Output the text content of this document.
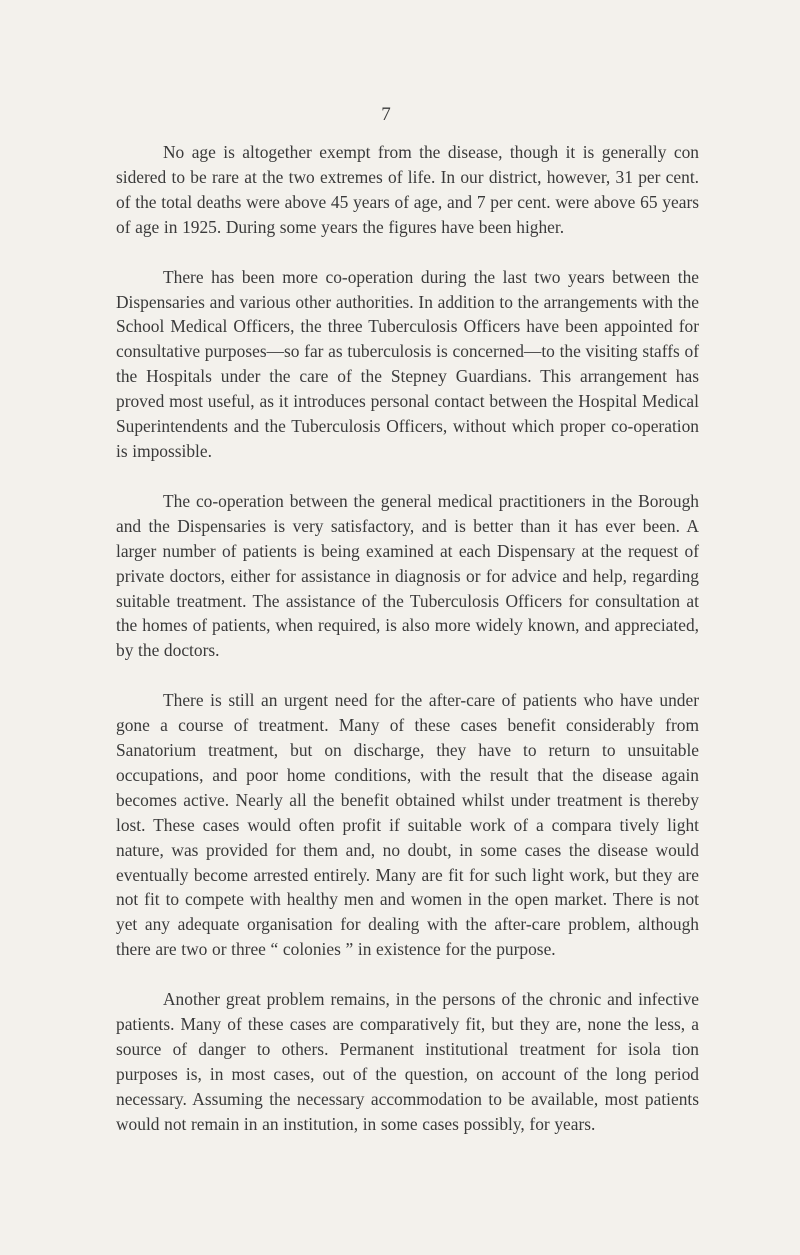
7

No age is altogether exempt from the disease, though it is generally con sidered to be rare at the two extremes of life. In our district, however, 31 per cent. of the total deaths were above 45 years of age, and 7 per cent. were above 65 years of age in 1925. During some years the figures have been higher.

There has been more co-operation during the last two years between the Dispensaries and various other authorities. In addition to the arrangements with the School Medical Officers, the three Tuberculosis Officers have been appointed for consultative purposes—so far as tuberculosis is concerned—to the visiting staffs of the Hospitals under the care of the Stepney Guardians. This arrangement has proved most useful, as it introduces personal contact between the Hospital Medical Superintendents and the Tuberculosis Officers, without which proper co-operation is impossible.

The co-operation between the general medical practitioners in the Borough and the Dispensaries is very satisfactory, and is better than it has ever been. A larger number of patients is being examined at each Dispensary at the request of private doctors, either for assistance in diagnosis or for advice and help, regarding suitable treatment. The assistance of the Tuberculosis Officers for consultation at the homes of patients, when required, is also more widely known, and appreciated, by the doctors.

There is still an urgent need for the after-care of patients who have under gone a course of treatment. Many of these cases benefit considerably from Sanatorium treatment, but on discharge, they have to return to unsuitable occupations, and poor home conditions, with the result that the disease again becomes active. Nearly all the benefit obtained whilst under treatment is thereby lost. These cases would often profit if suitable work of a compara tively light nature, was provided for them and, no doubt, in some cases the disease would eventually become arrested entirely. Many are fit for such light work, but they are not fit to compete with healthy men and women in the open market. There is not yet any adequate organisation for dealing with the after-care problem, although there are two or three “ colonies ” in existence for the purpose.

Another great problem remains, in the persons of the chronic and infective patients. Many of these cases are comparatively fit, but they are, none the less, a source of danger to others. Permanent institutional treatment for isola tion purposes is, in most cases, out of the question, on account of the long period necessary. Assuming the necessary accommodation to be available, most patients would not remain in an institution, in some cases possibly, for years.
